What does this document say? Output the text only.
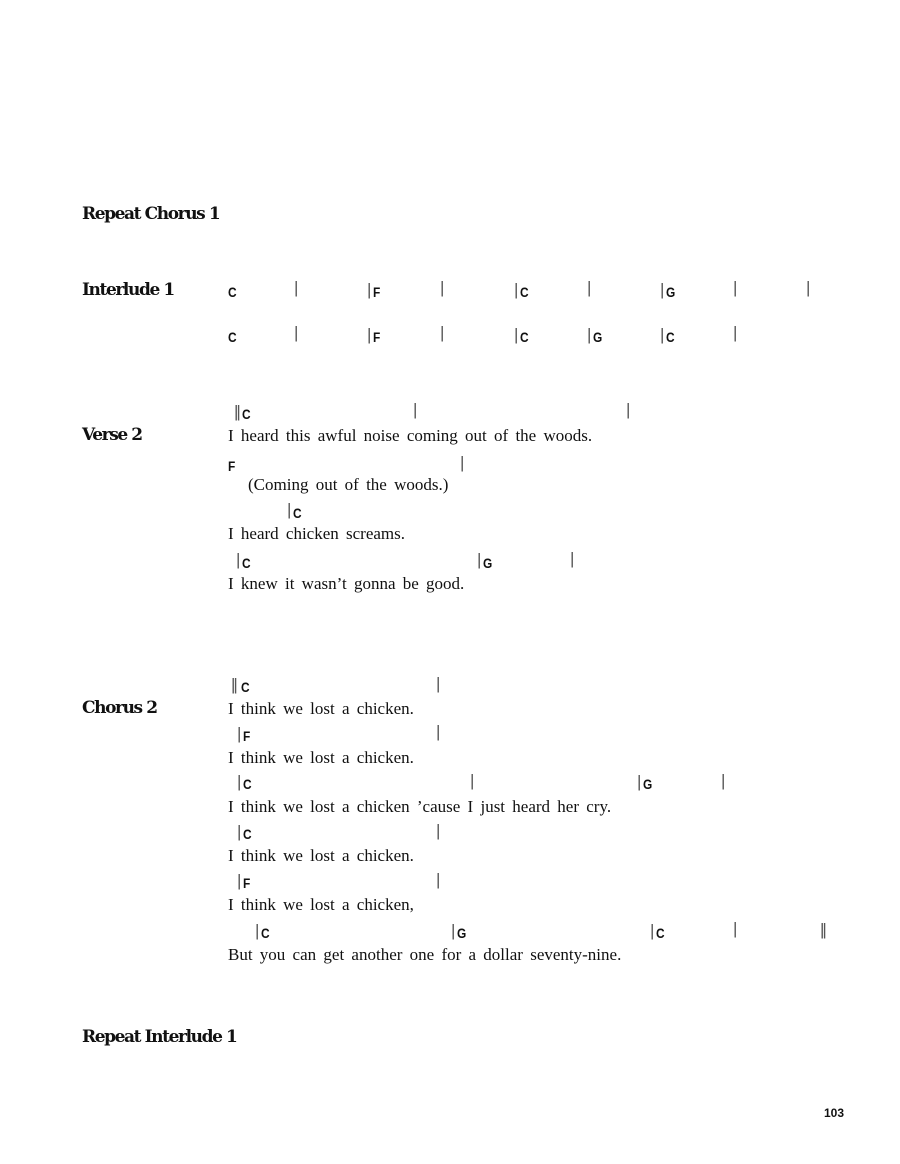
Repeat Chorus 1
Interlude 1	C	|	| F	|	| C	|	| G	|	|
C	|	| F	|	| C	| G	| C	|
Verse 2
|| C	|	|
I heard this awful noise coming out of the woods.
F	|
(Coming out of the woods.)
| C
I heard chicken screams.
| C	| G	|
I knew it wasn’t gonna be good.
Chorus 2
|| C	|
I think we lost a chicken.
| F	|
I think we lost a chicken.
| C	|	| G	|
I think we lost a chicken ’cause I just heard her cry.
| C	|
I think we lost a chicken.
| F	|
I think we lost a chicken,
| C	| G	| C	|	||
But you can get another one for a dollar seventy-nine.
Repeat Interlude 1
103
